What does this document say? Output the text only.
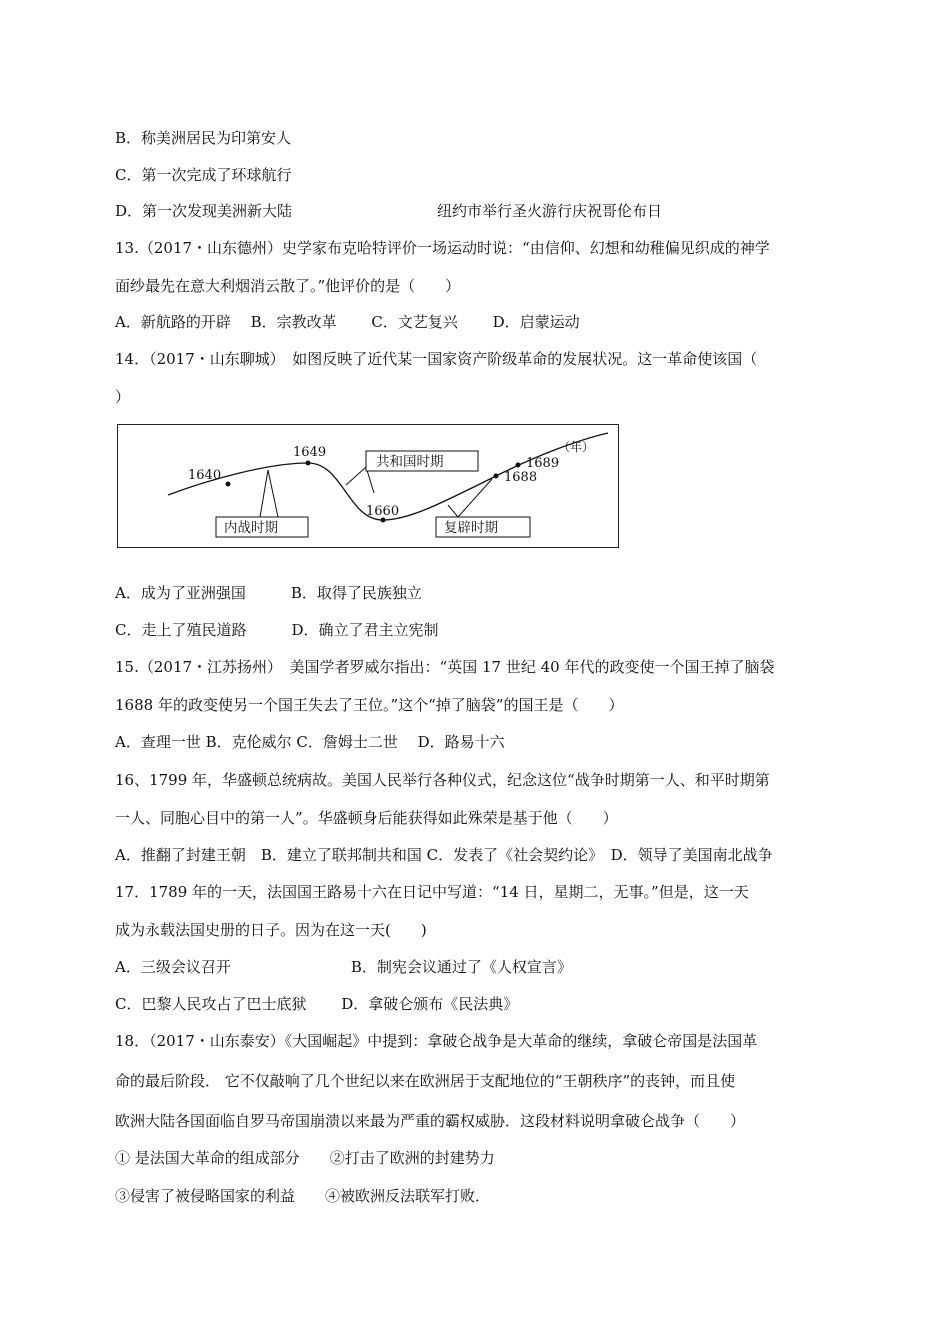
B．称美洲居民为印第安人
C．第一次完成了环球航行
D．第一次发现美洲新大陆	纽约市举行圣火游行庆祝哥伦布日
13.（2017・山东德州）史学家布克哈特评价一场运动时说：“由信仰、幻想和幼稚偏见织成的神学
面纱最先在意大利烟消云散了。”他评价的是（　　）
A．新航路的开辟　 B．宗教改革　　 C．文艺复兴　　 D．启蒙运动
14．（2017・山东聊城）　如图反映了近代某一国家资产阶级革命的发展状况。这一革命使该国（
）
1640
1649
1660
1688
1689
（年）
内战时期
共和国时期
复辟时期
A．成为了亚洲强国　　　B．取得了民族独立
C．走上了殖民道路　　　D．确立了君主立宪制
15.（2017・江苏扬州）　美国学者罗威尔指出：“英国 17 世纪 40 年代的政变使一个国王掉了脑袋
1688 年的政变使另一个国王失去了王位。”这个“掉了脑袋”的国王是（　　）
A．查理一世 B．克伦威尔 C．詹姆士二世　 D．路易十六
16、1799 年，华盛顿总统病故。美国人民举行各种仪式，纪念这位“战争时期第一人、和平时期第
一人、同胞心目中的第一人”。华盛顿身后能获得如此殊荣是基于他（　　）
A．推翻了封建王朝　B．建立了联邦制共和国 C．发表了《社会契约论》　D．领导了美国南北战争
17．1789 年的一天，法国国王路易十六在日记中写道：“14 日，星期二，无事。”但是，这一天
成为永载法国史册的日子。因为在这一天(　　)
A．三级会议召开	B．制宪会议通过了《人权宣言》
C．巴黎人民攻占了巴士底狱　　 D．拿破仑颁布《民法典》
18．（2017・山东泰安）《大国崛起》中提到：拿破仑战争是大革命的继续，拿破仑帝国是法国革
命的最后阶段． 它不仅敲响了几个世纪以来在欧洲居于支配地位的“王朝秩序”的丧钟，而且使
欧洲大陆各国面临自罗马帝国崩溃以来最为严重的霸权威胁．这段材料说明拿破仑战争（　　）
① 是法国大革命的组成部分　　②打击了欧洲的封建势力
③侵害了被侵略国家的利益　　④被欧洲反法联军打败．
